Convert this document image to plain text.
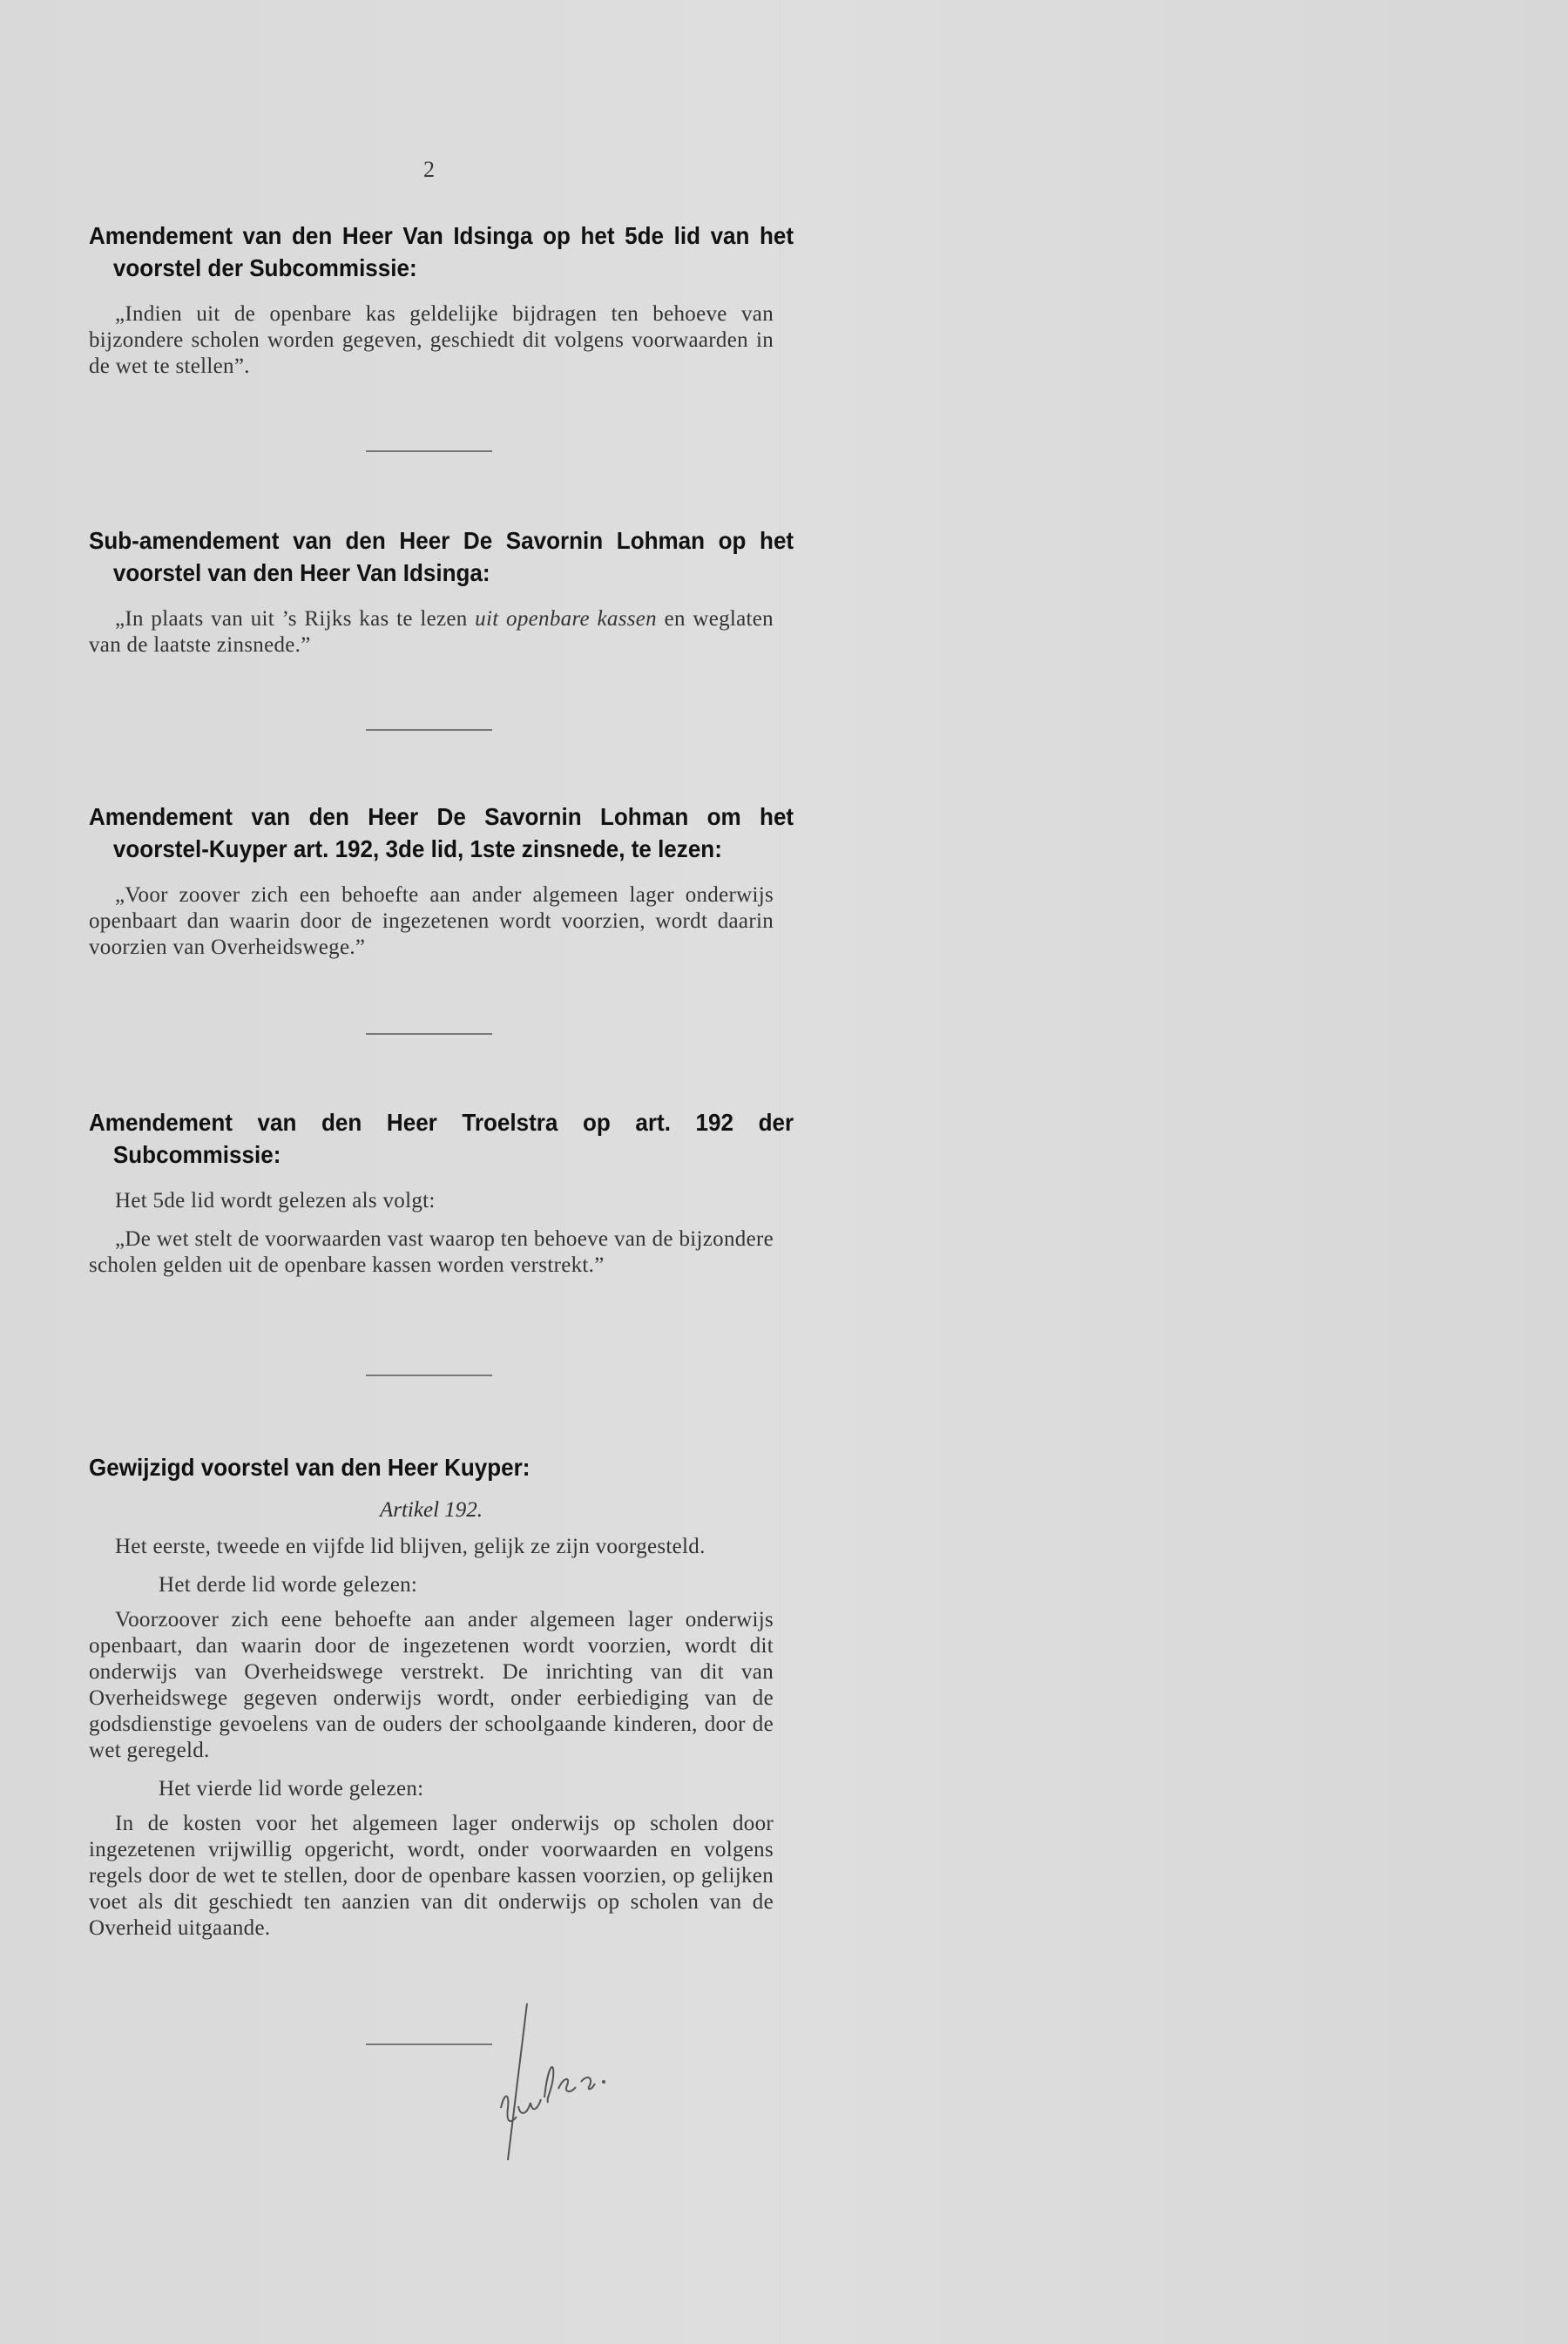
2

Amendement van den Heer Van Idsinga op het 5de lid van het voorstel der Subcommissie:

„Indien uit de openbare kas geldelijke bijdragen ten behoeve van bijzondere scholen worden gegeven, geschiedt dit volgens voorwaarden in de wet te stellen”.

Sub-amendement van den Heer De Savornin Lohman op het voorstel van den Heer Van Idsinga:

„In plaats van uit ’s Rijks kas te lezen uit openbare kassen en weglaten van de laatste zinsnede.”

Amendement van den Heer De Savornin Lohman om het voorstel-Kuyper art. 192, 3de lid, 1ste zinsnede, te lezen:

„Voor zoover zich een behoefte aan ander algemeen lager onderwijs openbaart dan waarin door de ingezetenen wordt voorzien, wordt daarin voorzien van Overheidswege.”

Amendement van den Heer Troelstra op art. 192 der Subcommissie:

Het 5de lid wordt gelezen als volgt:

„De wet stelt de voorwaarden vast waarop ten behoeve van de bijzondere scholen gelden uit de openbare kassen worden verstrekt.”

Gewijzigd voorstel van den Heer Kuyper:

Artikel 192.

Het eerste, tweede en vijfde lid blijven, gelijk ze zijn voorgesteld.

Het derde lid worde gelezen:

Voorzoover zich eene behoefte aan ander algemeen lager onderwijs openbaart, dan waarin door de ingezetenen wordt voorzien, wordt dit onderwijs van Overheidswege verstrekt. De inrichting van dit van Overheidswege gegeven onderwijs wordt, onder eerbiediging van de godsdienstige gevoelens van de ouders der schoolgaande kinderen, door de wet geregeld.

Het vierde lid worde gelezen:

In de kosten voor het algemeen lager onderwijs op scholen door ingezetenen vrijwillig opgericht, wordt, onder voorwaarden en volgens regels door de wet te stellen, door de openbare kassen voorzien, op gelijken voet als dit geschiedt ten aanzien van dit onderwijs op scholen van de Overheid uitgaande.
